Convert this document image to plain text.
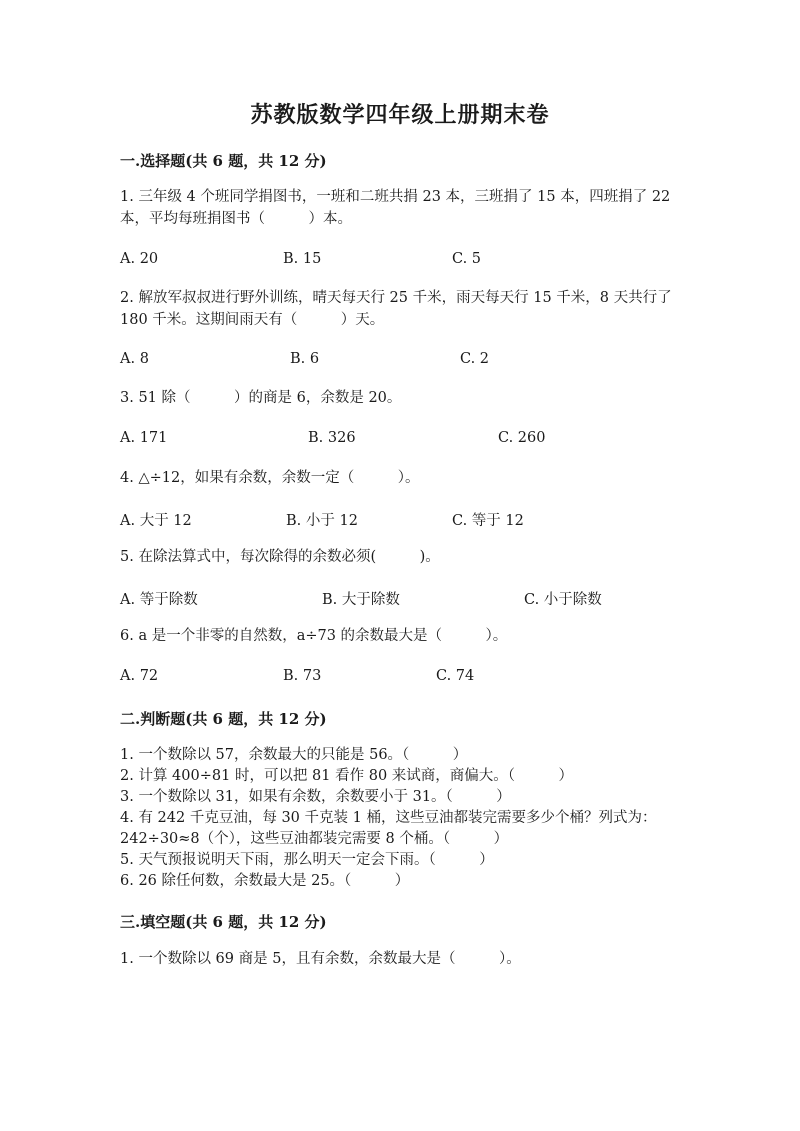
苏教版数学四年级上册期末卷
一.选择题(共 6 题，共 12 分)
1. 三年级 4 个班同学捐图书，一班和二班共捐 23 本，三班捐了 15 本，四班捐了 22 本，平均每班捐图书（　　　）本。
A. 20	B. 15	C. 5
2. 解放军叔叔进行野外训练，晴天每天行 25 千米，雨天每天行 15 千米，8 天共行了 180 千米。这期间雨天有（　　　）天。
A. 8	B. 6	C. 2
3. 51 除（　　　）的商是 6，余数是 20。
A. 171	B. 326	C. 260
4. △÷12，如果有余数，余数一定（　　　）。
A. 大于 12	B. 小于 12	C. 等于 12
5. 在除法算式中，每次除得的余数必须(　　　)。
A. 等于除数	B. 大于除数	C. 小于除数
6. a 是一个非零的自然数，a÷73 的余数最大是（　　　）。
A. 72	B. 73	C. 74
二.判断题(共 6 题，共 12 分)
1. 一个数除以 57，余数最大的只能是 56。（　　　）
2. 计算 400÷81 时，可以把 81 看作 80 来试商，商偏大。（　　　）
3. 一个数除以 31，如果有余数，余数要小于 31。（　　　）
4. 有 242 千克豆油，每 30 千克装 1 桶，这些豆油都装完需要多少个桶？列式为：242÷30≈8（个），这些豆油都装完需要 8 个桶。（　　　）
5. 天气预报说明天下雨，那么明天一定会下雨。（　　　）
6. 26 除任何数，余数最大是 25。（　　　）
三.填空题(共 6 题，共 12 分)
1. 一个数除以 69 商是 5，且有余数，余数最大是（　　　）。
